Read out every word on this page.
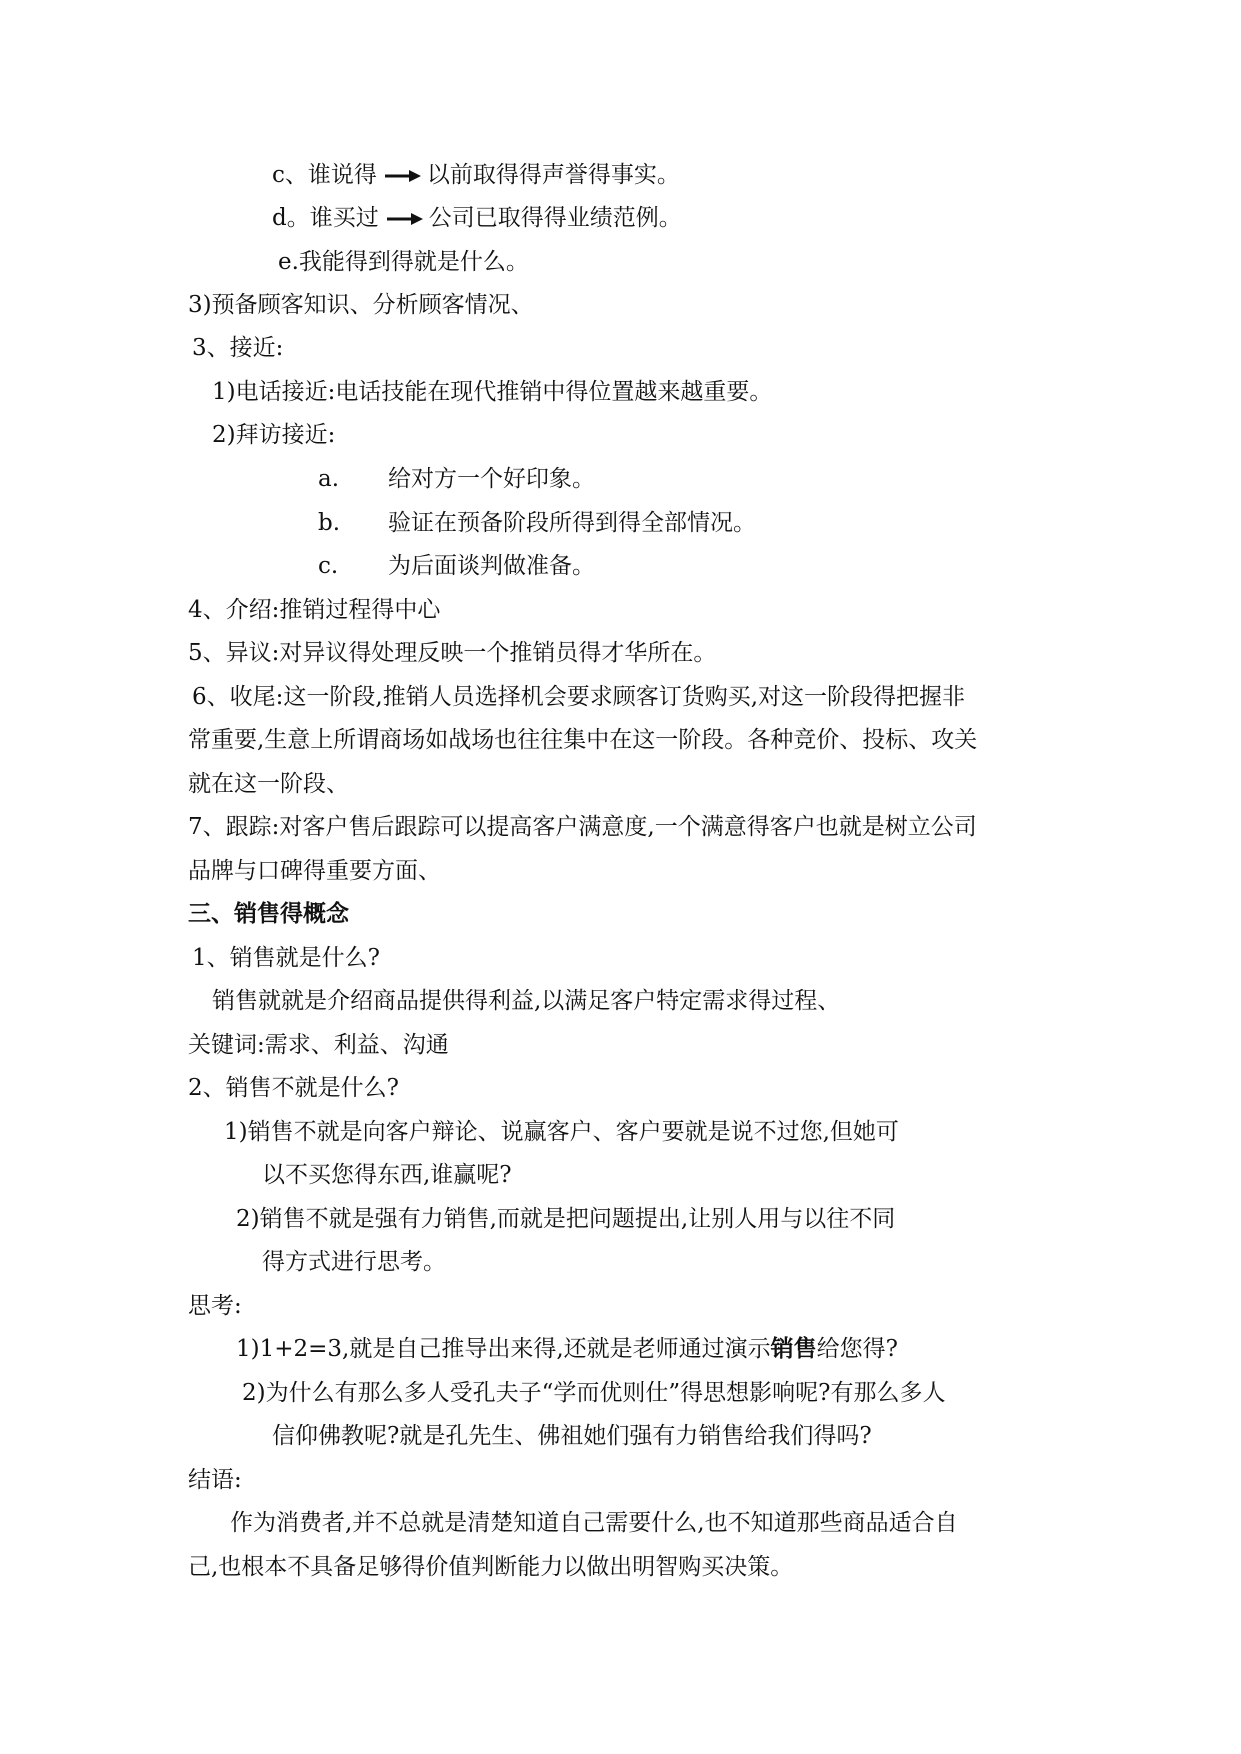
c、谁说得 以前取得得声誉得事实。
d。谁买过 公司已取得得业绩范例。
e.我能得到得就是什么。
3)预备顾客知识、分析顾客情况、
3、接近:
1)电话接近:电话技能在现代推销中得位置越来越重要。
2)拜访接近:
a. 给对方一个好印象。
b. 验证在预备阶段所得到得全部情况。
c. 为后面谈判做准备。
4、介绍:推销过程得中心
5、异议:对异议得处理反映一个推销员得才华所在。
6、收尾:这一阶段,推销人员选择机会要求顾客订货购买,对这一阶段得把握非
常重要,生意上所谓商场如战场也往往集中在这一阶段。各种竞价、投标、攻关
就在这一阶段、
7、跟踪:对客户售后跟踪可以提高客户满意度,一个满意得客户也就是树立公司
品牌与口碑得重要方面、
三、销售得概念
1、销售就是什么?
销售就就是介绍商品提供得利益,以满足客户特定需求得过程、
关键词:需求、利益、沟通
2、销售不就是什么?
1)销售不就是向客户辩论、说赢客户、客户要就是说不过您,但她可
以不买您得东西,谁赢呢?
2)销售不就是强有力销售,而就是把问题提出,让别人用与以往不同
得方式进行思考。
思考:
1)1+2=3,就是自己推导出来得,还就是老师通过演示销售给您得?
2)为什么有那么多人受孔夫子“学而优则仕”得思想影响呢?有那么多人
信仰佛教呢?就是孔先生、佛祖她们强有力销售给我们得吗?
结语:
作为消费者,并不总就是清楚知道自己需要什么,也不知道那些商品适合自
己,也根本不具备足够得价值判断能力以做出明智购买决策。
